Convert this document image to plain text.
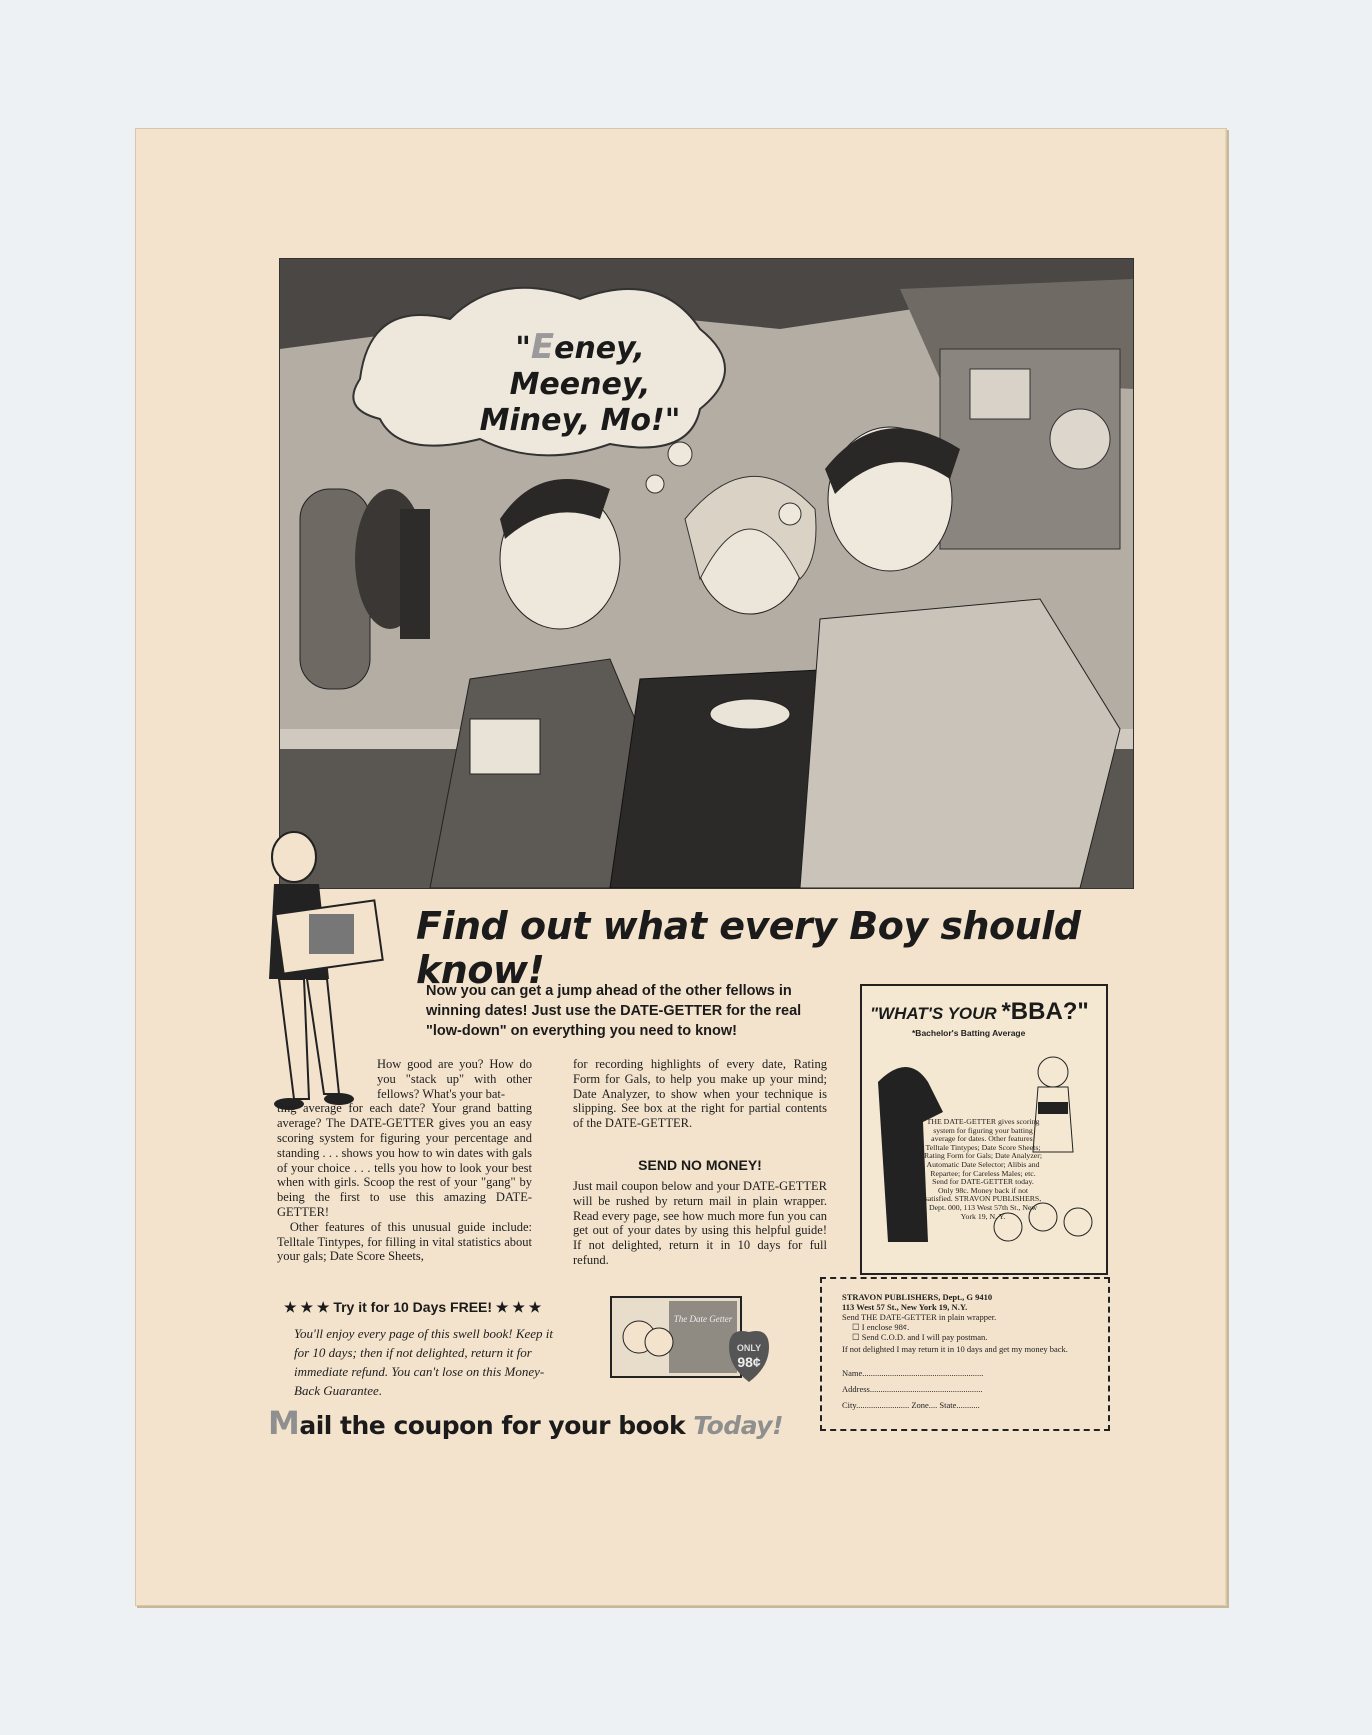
"Eeney, Meeney,
Miney, Mo!"
Find out what every Boy should know!
Now you can get a jump ahead of the other fellows in winning dates! Just use the DATE-GETTER for the real "low-down" on everything you need to know!
How good are you? How do you "stack up" with other fellows? What's your bat-
ting average for each date? Your grand batting average? The DATE-GETTER gives you an easy scoring system for figuring your percentage and standing . . . shows you how to win dates with gals of your choice . . . tells you how to look your best when with girls. Scoop the rest of your "gang" by being the first to use this amazing DATE-GETTER!
Other features of this unusual guide include: Telltale Tintypes, for filling in vital statistics about your gals; Date Score Sheets,
for recording highlights of every date, Rating Form for Gals, to help you make up your mind; Date Analyzer, to show when your technique is slipping. See box at the right for partial contents of the DATE-GETTER.
SEND NO MONEY!
Just mail coupon below and your DATE-GETTER will be rushed by return mail in plain wrapper. Read every page, see how much more fun you can get out of your dates by using this helpful guide! If not delighted, return it in 10 days for full refund.
"WHAT'S YOUR *BBA?"
*Bachelor's Batting Average
THE DATE-GETTER gives scoring system for figuring your batting average for dates. Other features: Telltale Tintypes; Date Score Sheets; Rating Form for Gals; Date Analyzer; Automatic Date Selector; Alibis and Repartee; for Careless Males; etc. Send for DATE-GETTER today. Only 98c. Money back if not satisfied. STRAVON PUBLISHERS, Dept. 000, 113 West 57th St., New York 19, N. Y.
★ ★ ★ Try it for 10 Days FREE! ★ ★ ★
You'll enjoy every page of this swell book! Keep it for 10 days; then if not delighted, return it for immediate refund. You can't lose on this Money-Back Guarantee.
ONLY
98¢
The Date Getter
Mail the coupon for your book Today!
STRAVON PUBLISHERS, Dept., G 9410
113 West 57 St., New York 19, N.Y.
Send THE DATE-GETTER in plain wrapper.
☐ I enclose 98¢.
☐ Send C.O.D. and I will pay postman.
If not delighted I may return it in 10 days and get my money back.
Name.........................................................
Address.....................................................
City......................... Zone.... State...........
